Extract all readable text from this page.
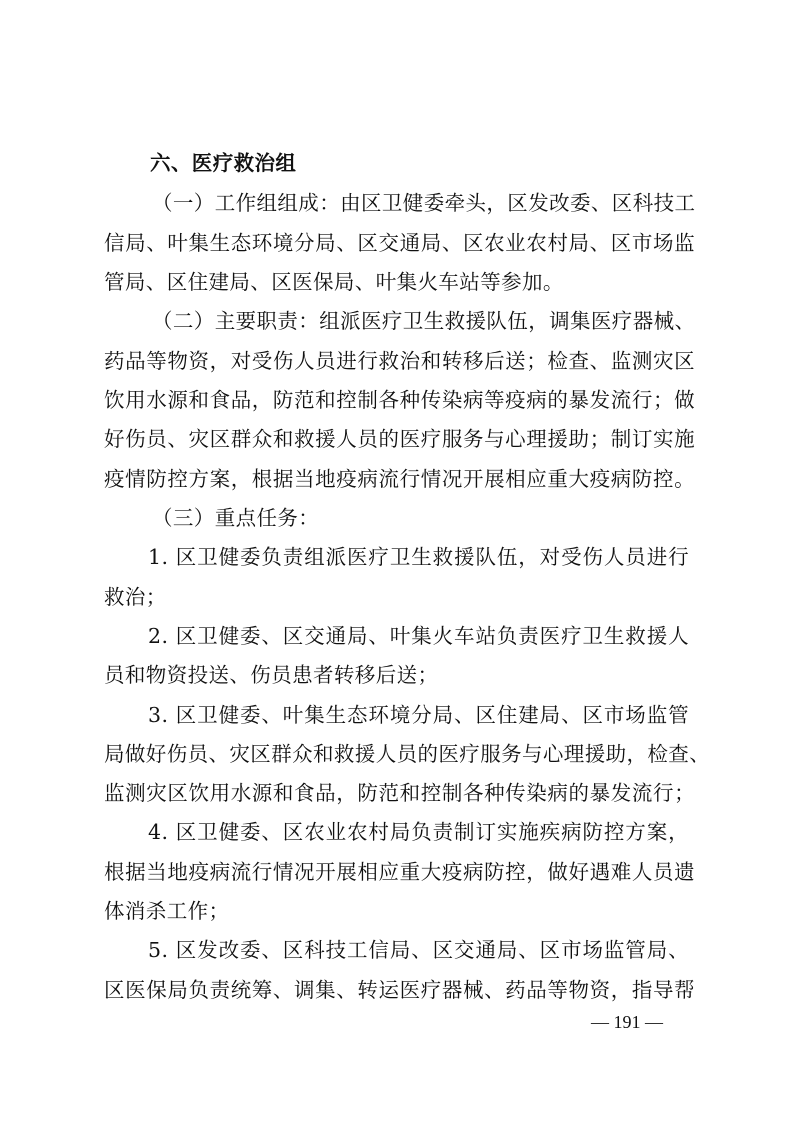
六、医疗救治组
（一）工作组组成：由区卫健委牵头，区发改委、区科技工
信局、叶集生态环境分局、区交通局、区农业农村局、区市场监
管局、区住建局、区医保局、叶集火车站等参加。
（二）主要职责：组派医疗卫生救援队伍，调集医疗器械、
药品等物资，对受伤人员进行救治和转移后送；检查、监测灾区
饮用水源和食品，防范和控制各种传染病等疫病的暴发流行；做
好伤员、灾区群众和救援人员的医疗服务与心理援助；制订实施
疫情防控方案，根据当地疫病流行情况开展相应重大疫病防控。
（三）重点任务：
1. 区卫健委负责组派医疗卫生救援队伍，对受伤人员进行
救治；
2. 区卫健委、区交通局、叶集火车站负责医疗卫生救援人
员和物资投送、伤员患者转移后送；
3. 区卫健委、叶集生态环境分局、区住建局、区市场监管
局做好伤员、灾区群众和救援人员的医疗服务与心理援助，检查、
监测灾区饮用水源和食品，防范和控制各种传染病的暴发流行；
4. 区卫健委、区农业农村局负责制订实施疾病防控方案，
根据当地疫病流行情况开展相应重大疫病防控，做好遇难人员遗
体消杀工作；
5. 区发改委、区科技工信局、区交通局、区市场监管局、
区医保局负责统筹、调集、转运医疗器械、药品等物资，指导帮
— 191 —
